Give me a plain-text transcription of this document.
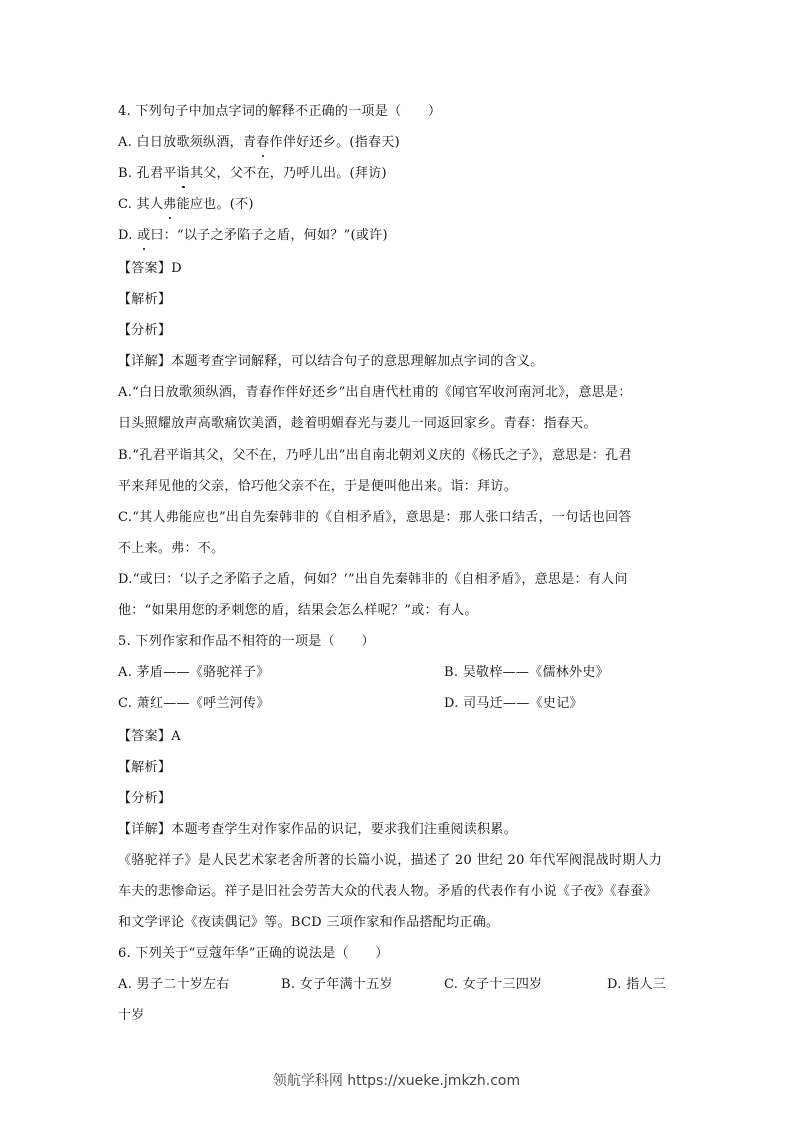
4. 下列句子中加点字词的解释不正确的一项是（　　）
A. 白日放歌须纵酒，青春作伴好还乡。(指春天)
B. 孔君平诣其父，父不在，乃呼儿出。(拜访)
C. 其人弗能应也。(不)
D. 或曰：“以子之矛陷子之盾，何如？”(或许)
【答案】D
【解析】
【分析】
【详解】本题考查字词解释，可以结合句子的意思理解加点字词的含义。
A.“白日放歌须纵酒，青春作伴好还乡”出自唐代杜甫的《闻官军收河南河北》，意思是：
日头照耀放声高歌痛饮美酒，趁着明媚春光与妻儿一同返回家乡。青春：指春天。
B.“孔君平诣其父，父不在，乃呼儿出”出自南北朝刘义庆的《杨氏之子》，意思是：孔君
平来拜见他的父亲，恰巧他父亲不在，于是便叫他出来。诣：拜访。
C.“其人弗能应也”出自先秦韩非的《自相矛盾》，意思是：那人张口结舌，一句话也回答
不上来。弗：不。
D.“或曰：‘以子之矛陷子之盾，何如？’”出自先秦韩非的《自相矛盾》，意思是：有人问
他：“如果用您的矛刺您的盾，结果会怎么样呢？”或：有人。
5. 下列作家和作品不相符的一项是（　　）
A. 茅盾——《骆驼祥子》	B. 吴敬梓——《儒林外史》
C. 萧红——《呼兰河传》	D. 司马迁——《史记》
【答案】A
【解析】
【分析】
【详解】本题考查学生对作家作品的识记，要求我们注重阅读积累。
《骆驼祥子》是人民艺术家老舍所著的长篇小说，描述了 20 世纪 20 年代军阀混战时期人力
车夫的悲惨命运。祥子是旧社会劳苦大众的代表人物。矛盾的代表作有小说《子夜》《春蚕》
和文学评论《夜读偶记》等。BCD 三项作家和作品搭配均正确。
6. 下列关于“豆蔻年华”正确的说法是（　　）
A. 男子二十岁左右	B. 女子年满十五岁	C. 女子十三四岁	D. 指人三
十岁
领航学科网 https://xueke.jmkzh.com
